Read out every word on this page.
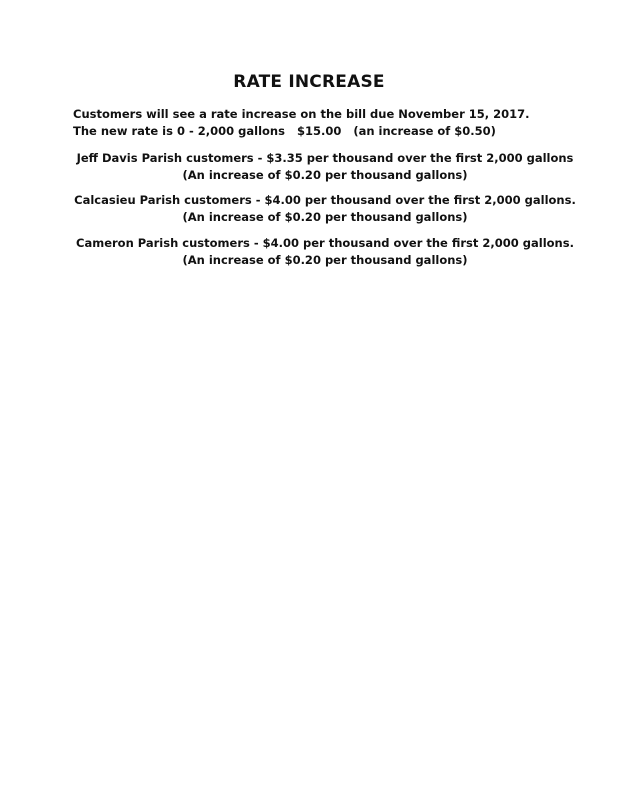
RATE INCREASE
Customers will see a rate increase on the bill due November 15, 2017. The new rate is 0 - 2,000 gallons   $15.00   (an increase of $0.50)
Jeff Davis Parish customers - $3.35 per thousand over the first 2,000 gallons
(An increase of $0.20 per thousand gallons)
Calcasieu Parish customers - $4.00 per thousand over the first 2,000 gallons.
(An increase of $0.20 per thousand gallons)
Cameron Parish customers - $4.00 per thousand over the first 2,000 gallons.
(An increase of $0.20 per thousand gallons)
